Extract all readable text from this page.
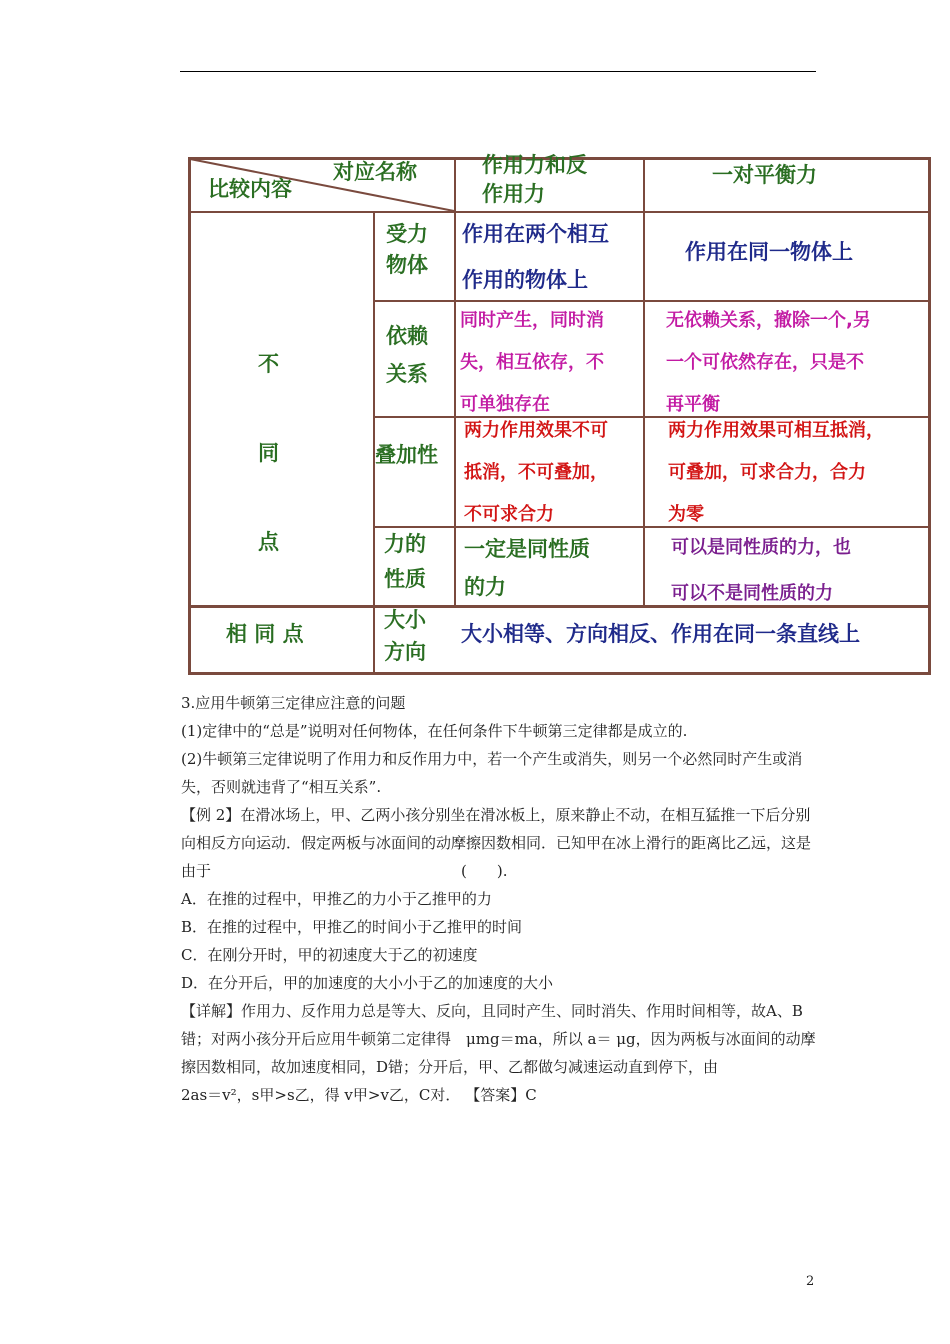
对应名称
比较内容
作用力和反
作用力
一对平衡力
不
同
点
受力
物体
作用在两个相互
作用的物体上
作用在同一物体上
依赖
关系
同时产生，同时消
失，相互依存，不
可单独存在
无依赖关系，撤除一个,另
一个可依然存在，只是不
再平衡
叠加性
两力作用效果不可
抵消，不可叠加，
不可求合力
两力作用效果可相互抵消，
可叠加，可求合力，合力
为零
力的
性质
一定是同性质
的力
可以是同性质的力，也
可以不是同性质的力
相 同 点
大小
方向
大小相等、方向相反、作用在同一条直线上

3.应用牛顿第三定律应注意的问题

(1)定律中的“总是”说明对任何物体，在任何条件下牛顿第三定律都是成立的.

(2)牛顿第三定律说明了作用力和反作用力中，若一个产生或消失，则另一个必然同时产生或消失，否则就违背了“相互关系”.

【例 2】在滑冰场上，甲、乙两小孩分别坐在滑冰板上，原来静止不动，在相互猛推一下后分别向相反方向运动．假定两板与冰面间的动摩擦因数相同．已知甲在冰上滑行的距离比乙远，这是由于	(　　).

A．在推的过程中，甲推乙的力小于乙推甲的力

B．在推的过程中，甲推乙的时间小于乙推甲的时间

C．在刚分开时，甲的初速度大于乙的初速度

D．在分开后，甲的加速度的大小小于乙的加速度的大小

【详解】作用力、反作用力总是等大、反向，且同时产生、同时消失、作用时间相等，故A、B错；对两小孩分开后应用牛顿第二定律得　μmg＝ma，所以 a＝ μg，因为两板与冰面间的动摩擦因数相同，故加速度相同，D错；分开后，甲、乙都做匀减速运动直到停下，由

2as＝v²，s甲>s乙，得 v甲>v乙，C对． 【答案】C

2
